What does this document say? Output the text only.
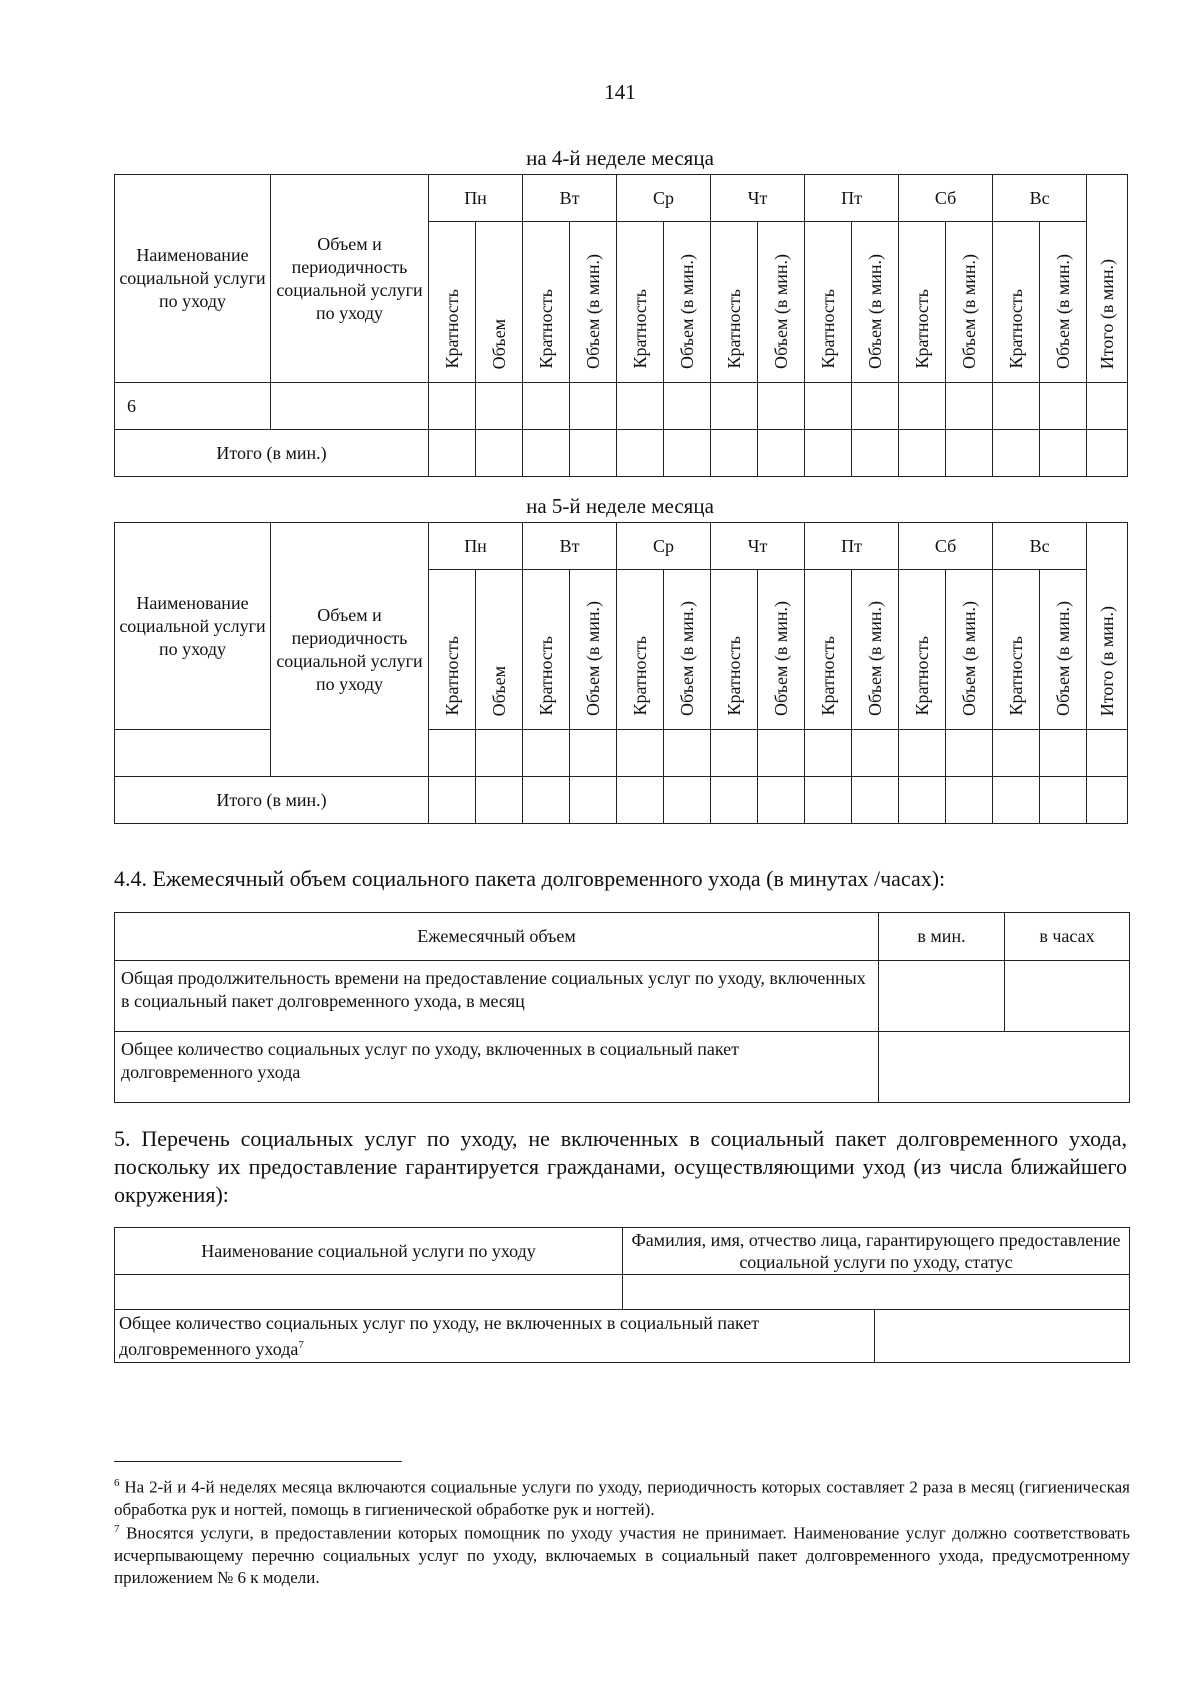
141
на 4-й неделе месяца
Наименование социальной услуги по уходу	Объем и периодичность социальной услуги по уходу	Пн		Вт		Ср		Чт		Пт		Сб		Вс		Итого (в мин.)
		Кратность	Объем	Кратность	Объем (в мин.)	Кратность	Объем (в мин.)	Кратность	Объем (в мин.)	Кратность	Объем (в мин.)	Кратность	Объем (в мин.)	Кратность	Объем (в мин.)	
6																
Итого (в мин.)																
на 5-й неделе месяца
Наименование социальной услуги по уходу	Объем и периодичность социальной услуги по уходу	Пн		Вт		Ср		Чт		Пт		Сб		Вс		Итого (в мин.)
		Кратность	Объем	Кратность	Объем (в мин.)	Кратность	Объем (в мин.)	Кратность	Объем (в мин.)	Кратность	Объем (в мин.)	Кратность	Объем (в мин.)	Кратность	Объем (в мин.)	

Итого (в мин.)																
4.4. Ежемесячный объем социального пакета долговременного ухода (в минутах /часах):
Ежемесячный объем	в мин.	в часах
Общая продолжительность времени на предоставление социальных услуг по уходу, включенных в социальный пакет долговременного ухода, в месяц		
Общее количество социальных услуг по уходу, включенных в социальный пакет долговременного ухода		
5. Перечень социальных услуг по уходу, не включенных в социальный пакет долговременного ухода, поскольку их предоставление гарантируется гражданами, осуществляющими уход (из числа ближайшего окружения):
Наименование социальной услуги по уходу	Фамилия, имя, отчество лица, гарантирующего предоставление социальной услуги по уходу, статус	

Общее количество социальных услуг по уходу, не включенных в социальный пакет долговременного ухода$^7$	
$^6$ На 2-й и 4-й неделях месяца включаются социальные услуги по уходу, периодичность которых составляет 2 раза в месяц (гигиеническая обработка рук и ногтей, помощь в гигиенической обработке рук и ногтей).
$^7$ Вносятся услуги, в предоставлении которых помощник по уходу участия не принимает. Наименование услуг должно соответствовать исчерпывающему перечню социальных услуг по уходу, включаемых в социальный пакет долговременного ухода, предусмотренному приложением № 6 к модели.
